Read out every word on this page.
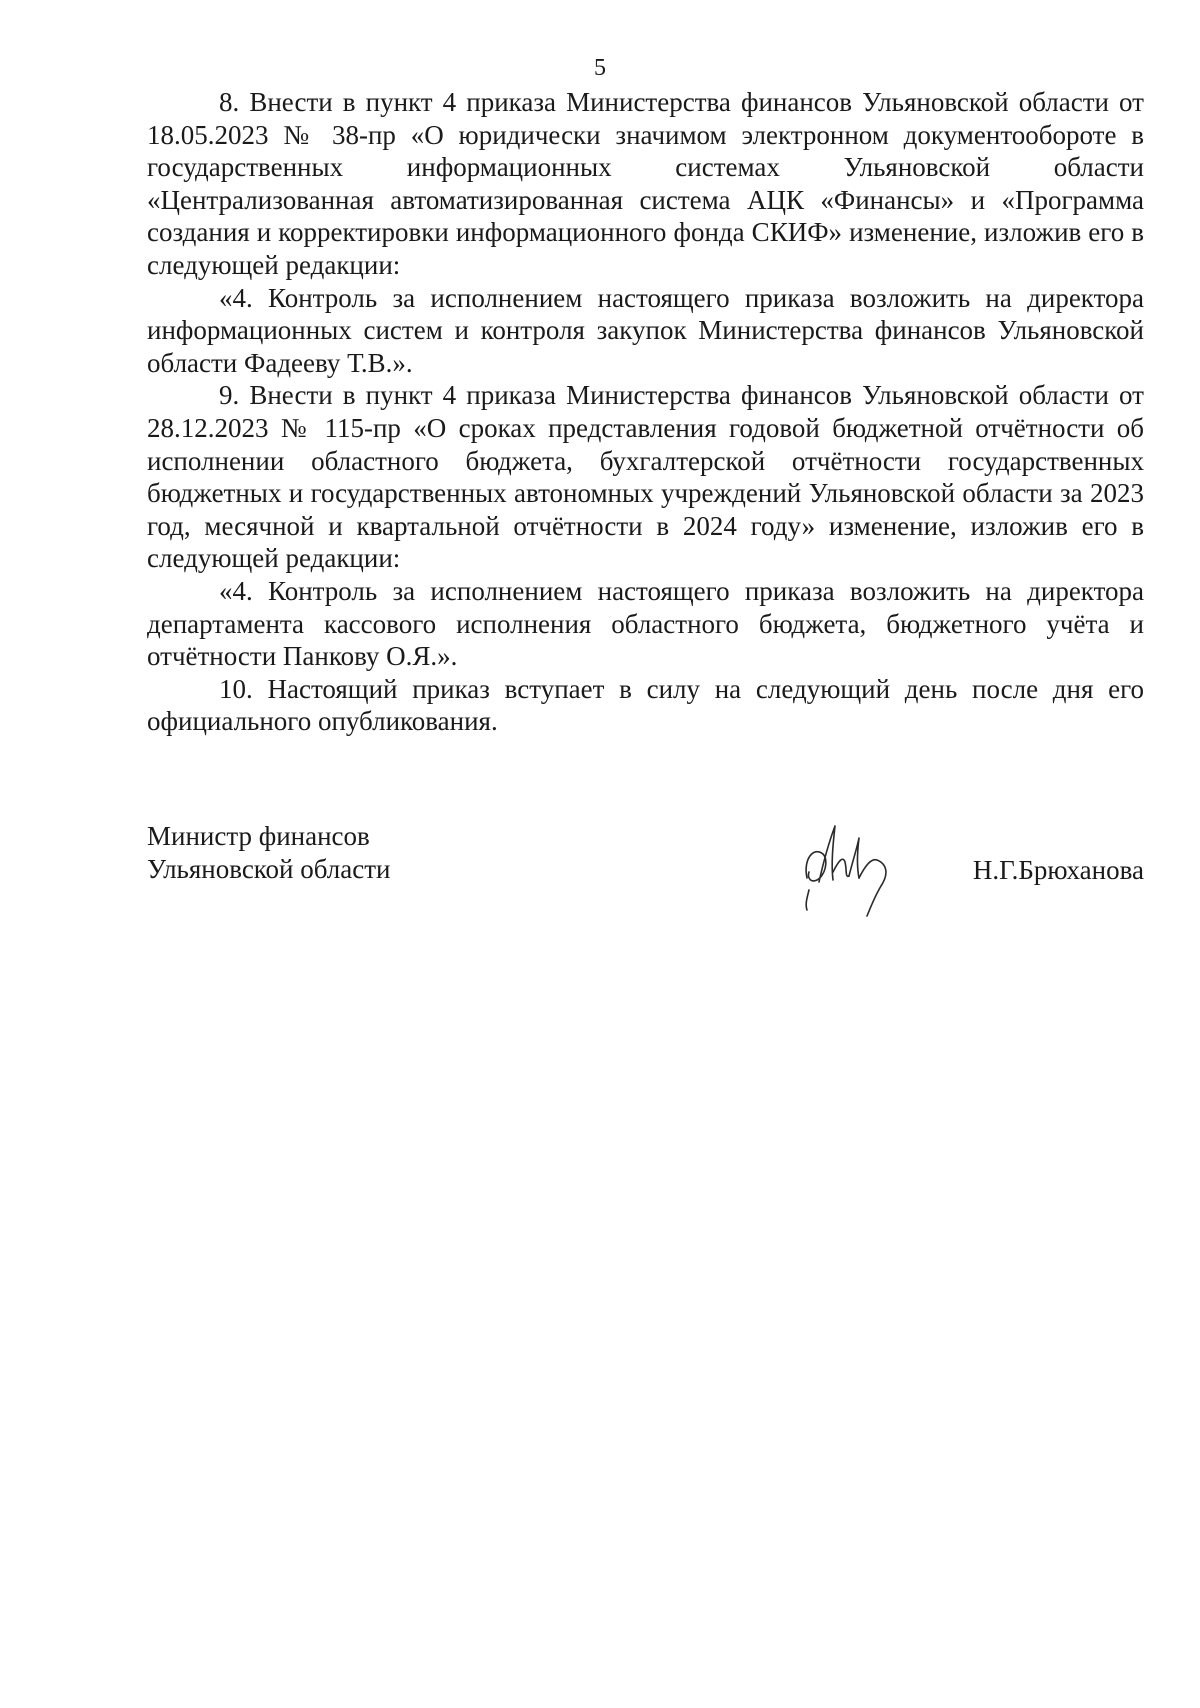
5

8. Внести в пункт 4 приказа Министерства финансов Ульяновской области от 18.05.2023 № 38-пр «О юридически значимом электронном документообороте в государственных информационных системах Ульяновской области «Централизованная автоматизированная система АЦК «Финансы» и «Программа создания и корректировки информационного фонда СКИФ» изменение, изложив его в следующей редакции:

«4. Контроль за исполнением настоящего приказа возложить на директора информационных систем и контроля закупок Министерства финансов Ульяновской области Фадееву Т.В.».

9. Внести в пункт 4 приказа Министерства финансов Ульяновской области от 28.12.2023 № 115-пр «О сроках представления годовой бюджетной отчётности об исполнении областного бюджета, бухгалтерской отчётности государственных бюджетных и государственных автономных учреждений Ульяновской области за 2023 год, месячной и квартальной отчётности в 2024 году» изменение, изложив его в следующей редакции:

«4. Контроль за исполнением настоящего приказа возложить на директора департамента кассового исполнения областного бюджета, бюджетного учёта и отчётности Панкову О.Я.».

10. Настоящий приказ вступает в силу на следующий день после дня его официального опубликования.

Министр финансов
Ульяновской области	Н.Г.Брюханова
